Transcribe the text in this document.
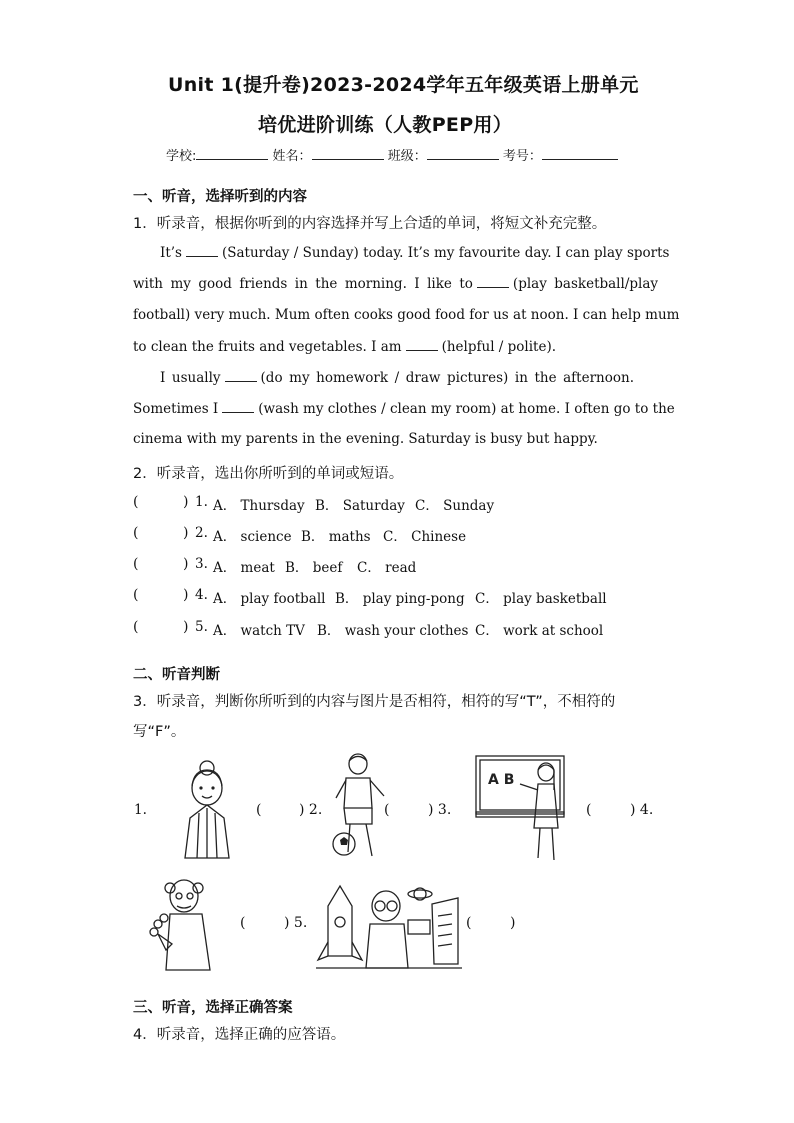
Unit 1(提升卷)2023-2024学年五年级英语上册单元
培优进阶训练（人教PEP用）
学校:	姓名：	班级：	考号：
一、听音，选择听到的内容
1．听录音，根据你听到的内容选择并写上合适的单词，将短文补充完整。
It’s	(Saturday / Sunday) today. It’s my favourite day. I can play sports
with my good friends in the morning. I like to	(play basketball/play
football) very much. Mum often cooks good food for us at noon. I can help mum
to clean the fruits and vegetables. I am	(helpful / polite).
I usually	(do my homework / draw pictures) in the afternoon.
Sometimes I	(wash my clothes / clean my room) at home. I often go to the
cinema with my parents in the evening. Saturday is busy but happy.
2．听录音，选出你所听到的单词或短语。
(	) 1. A． Thursday B． Saturday C． Sunday
(	) 2. A． science B． maths C． Chinese
(	) 3. A． meat B． beef C． read
(	) 4. A． play football B． play ping-pong C． play basketball
(	) 5. A． watch TV B． wash your clothes C． work at school
二、听音判断
3．听录音，判断你所听到的内容与图片是否相符，相符的写“T”，不相符的
写“F”。
1.	(	) 2.	(	) 3.	(	) 4.
(	) 5.	(	)
A B
三、听音，选择正确答案
4．听录音，选择正确的应答语。
